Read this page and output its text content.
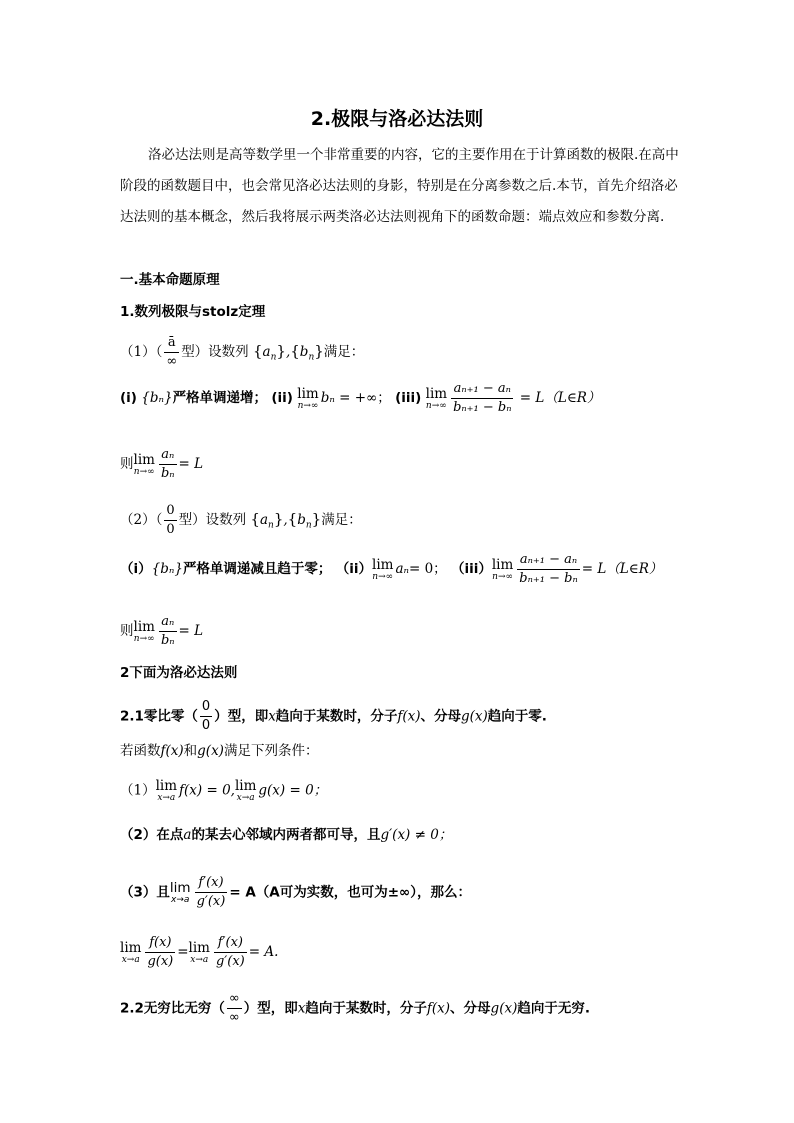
2.极限与洛必达法则
洛必达法则是高等数学里一个非常重要的内容，它的主要作用在于计算函数的极限.在高中阶段的函数题目中，也会常见洛必达法则的身影，特别是在分离参数之后.本节，首先介绍洛必达法则的基本概念，然后我将展示两类洛必达法则视角下的函数命题：端点效应和参数分离.
一.基本命题原理
1.数列极限与stolz定理
$(1)( \frac{ā}{\infty}$ 型）设数列 $\{a_n\},\{b_n\}$满足：
(i) {bₙ}严格单调递增； (ii) lim
n→∞ bₙ = +∞； (iii) lim
$n\to\infty \frac{\text{aₙ₊₁ − aₙ}}{\text{bₙ₊₁ − bₙ}}$ = L（L∈R）
则 lim
$n\to\infty \frac{\text{aₙ}}{\text{bₙ}} = L$
$(2)( \frac{0}{0}$ 型）设数列 $\{a_n\},\{b_n\}$满足：
（i）{bₙ}严格单调递减且趋于零； （ii） lim
n→∞ aₙ= 0； （iii） lim
$n\to\infty \frac{\text{aₙ₊₁ − aₙ}}{\text{bₙ₊₁ − bₙ}}$ = L（L∈R）
则 lim
$n\to\infty \frac{\text{aₙ}}{\text{bₙ}} = L$
2下面为洛必达法则
2.1零比零（ $\frac{0}{0}$ ）型，即x趋向于某数时，分子f(x)、分母g(x)趋向于零.
若函数f(x)和g(x)满足下列条件：
（1） lim
x→a f(x) = 0, lim
x→a g(x) = 0；
（2）在点a的某去心邻域内两者都可导，且g′(x) ≠ 0；
（3）且 lim
$x\to a \frac{f'(x)}{g'(x)} = A(A$可为实数，也可为±∞），那么：
lim
$x\to a \frac{f(x)}{g(x)} = \lim$
$x\to a \frac{f'(x)}{g'(x)} = A$.
2.2无穷比无穷（ $\frac{\infty}{\infty}$ ）型，即x趋向于某数时，分子f(x)、分母g(x)趋向于无穷.
